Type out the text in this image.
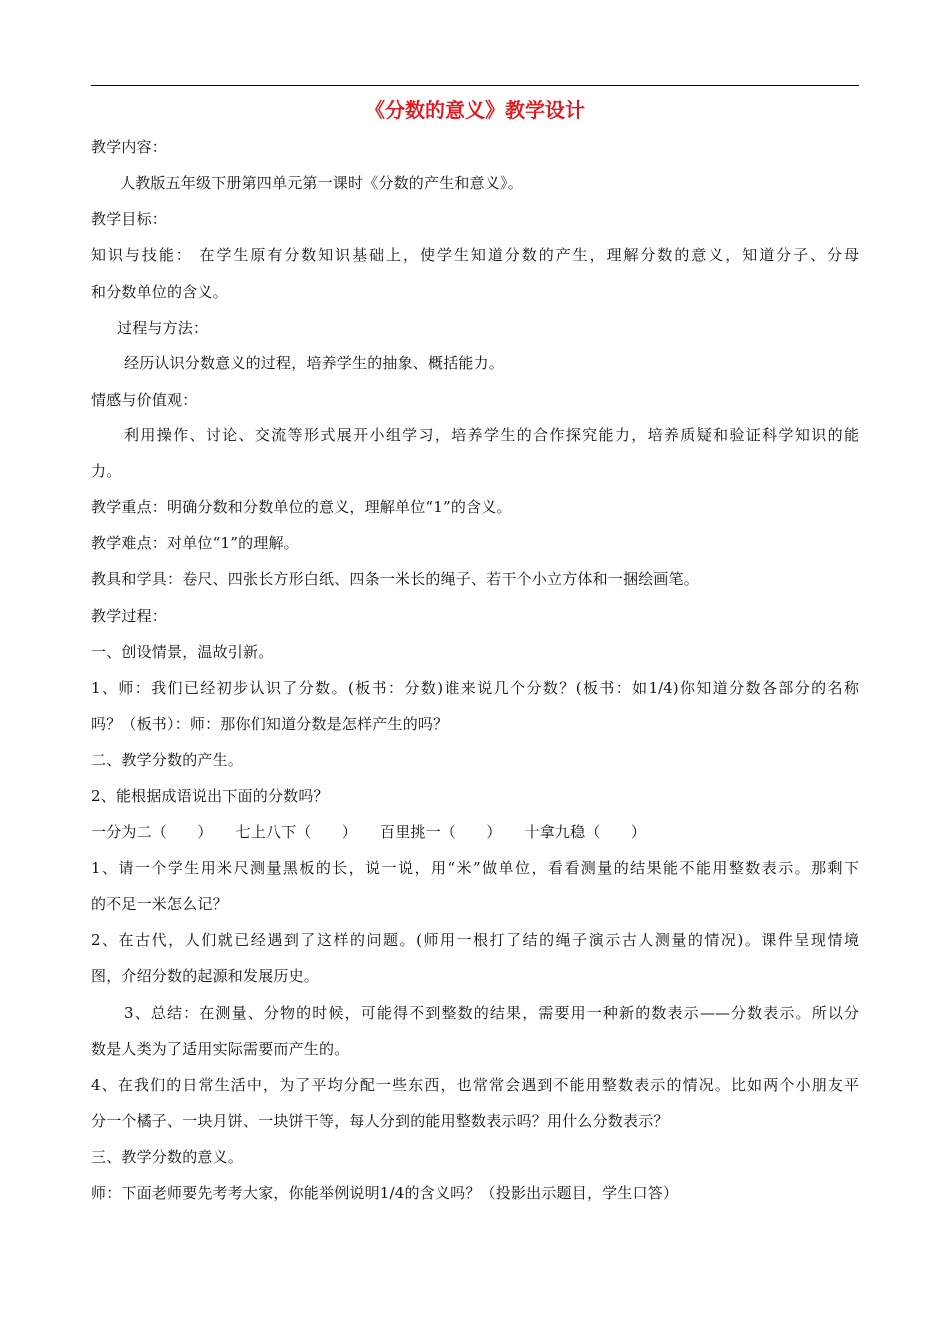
《分数的意义》教学设计
教学内容：
人教版五年级下册第四单元第一课时《分数的产生和意义》。
教学目标：
知识与技能： 在学生原有分数知识基础上，使学生知道分数的产生，理解分数的意义，知道分子、分母
和分数单位的含义。
过程与方法：
经历认识分数意义的过程，培养学生的抽象、概括能力。
情感与价值观：
利用操作、讨论、交流等形式展开小组学习，培养学生的合作探究能力，培养质疑和验证科学知识的能
力。
教学重点：明确分数和分数单位的意义，理解单位“1”的含义。
教学难点：对单位“1”的理解。
教具和学具：卷尺、四张长方形白纸、四条一米长的绳子、若干个小立方体和一捆绘画笔。
教学过程：
一、创设情景，温故引新。
1、师：我们已经初步认识了分数。(板书：分数)谁来说几个分数？(板书：如1/4)你知道分数各部分的名称
吗？（板书）：师：那你们知道分数是怎样产生的吗？
二、教学分数的产生。
2、能根据成语说出下面的分数吗？
一分为二（　　）　　七上八下（　　）　　百里挑一（　　）　　十拿九稳（　　）
1、请一个学生用米尺测量黑板的长，说一说，用“米”做单位，看看测量的结果能不能用整数表示。那剩下
的不足一米怎么记？
2、在古代，人们就已经遇到了这样的问题。(师用一根打了结的绳子演示古人测量的情况)。课件呈现情境
图，介绍分数的起源和发展历史。
3、总结：在测量、分物的时候，可能得不到整数的结果，需要用一种新的数表示——分数表示。所以分
数是人类为了适用实际需要而产生的。
4、在我们的日常生活中，为了平均分配一些东西，也常常会遇到不能用整数表示的情况。比如两个小朋友平
分一个橘子、一块月饼、一块饼干等，每人分到的能用整数表示吗？用什么分数表示？
三、教学分数的意义。
师：下面老师要先考考大家，你能举例说明1/4的含义吗？（投影出示题目，学生口答）
